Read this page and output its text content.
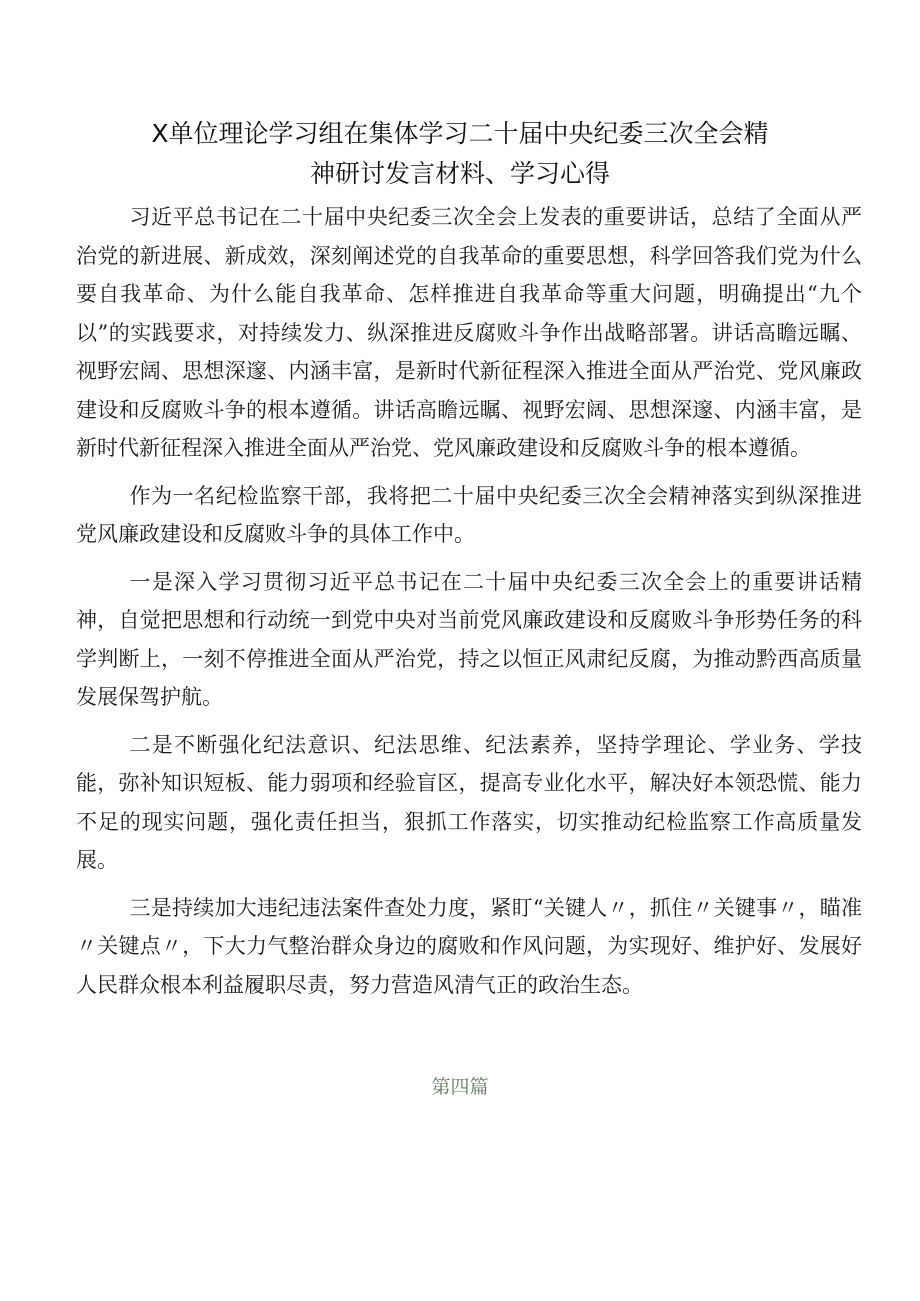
X单位理论学习组在集体学习二十届中央纪委三次全会精
神研讨发言材料、学习心得

习近平总书记在二十届中央纪委三次全会上发表的重要讲话，总结了全面从严治党的新进展、新成效，深刻阐述党的自我革命的重要思想，科学回答我们党为什么要自我革命、为什么能自我革命、怎样推进自我革命等重大问题，明确提出“九个以”的实践要求，对持续发力、纵深推进反腐败斗争作出战略部署。讲话高瞻远瞩、视野宏阔、思想深邃、内涵丰富，是新时代新征程深入推进全面从严治党、党风廉政建设和反腐败斗争的根本遵循。讲话高瞻远瞩、视野宏阔、思想深邃、内涵丰富，是新时代新征程深入推进全面从严治党、党风廉政建设和反腐败斗争的根本遵循。

作为一名纪检监察干部，我将把二十届中央纪委三次全会精神落实到纵深推进党风廉政建设和反腐败斗争的具体工作中。

一是深入学习贯彻习近平总书记在二十届中央纪委三次全会上的重要讲话精神，自觉把思想和行动统一到党中央对当前党风廉政建设和反腐败斗争形势任务的科学判断上，一刻不停推进全面从严治党，持之以恒正风肃纪反腐，为推动黔西高质量发展保驾护航。

二是不断强化纪法意识、纪法思维、纪法素养，坚持学理论、学业务、学技能，弥补知识短板、能力弱项和经验盲区，提高专业化水平，解决好本领恐慌、能力不足的现实问题，强化责任担当，狠抓工作落实，切实推动纪检监察工作高质量发展。

三是持续加大违纪违法案件查处力度，紧盯“关键人〃，抓住〃关键事〃，瞄准〃关键点〃，下大力气整治群众身边的腐败和作风问题，为实现好、维护好、发展好人民群众根本利益履职尽责，努力营造风清气正的政治生态。

第四篇
